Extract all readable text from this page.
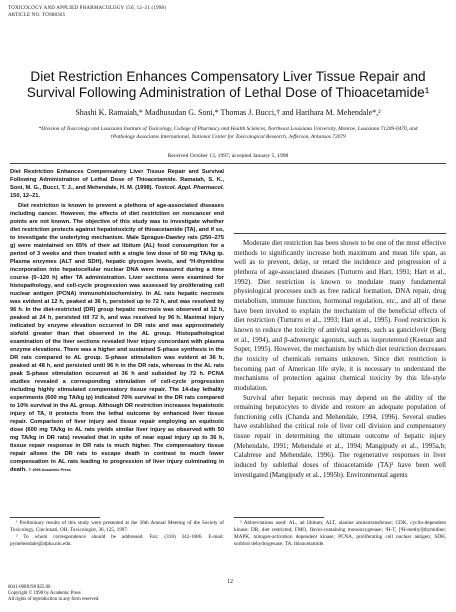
TOXICOLOGY AND APPLIED PHARMACOLOGY 150, 12–21 (1998)
ARTICLE NO. TO988365
Diet Restriction Enhances Compensatory Liver Tissue Repair and Survival Following Administration of Lethal Dose of Thioacetamide¹
Shashi K. Ramaiah,* Madhusudan G. Soni,* Thomas J. Bucci,† and Harihara M. Mehendale*,²
*Division of Toxicology and Louisiana Institute of Toxicology, College of Pharmacy and Health Sciences, Northeast Louisiana University, Monroe, Louisiana 71209-0470, and †Pathology Associates International, National Center for Toxicological Research, Jefferson, Arkansas 72079
Received October 13, 1997; accepted January 5, 1998

Diet Restriction Enhances Compensatory Liver Tissue Repair and Survival Following Administration of Lethal Dose of Thioacetamide. Ramaiah, S. K., Soni, M. G., Bucci, T. J., and Mehendale, H. M. (1998). Toxicol. Appl. Pharmacol. 150, 12–21.

Diet restriction is known to prevent a plethora of age-associated diseases including cancer. However, the effects of diet restriction on noncancer end points are not known. The objective of this study was to investigate whether diet restriction protects against hepatotoxicity of thioacetamide (TA), and if so, to investigate the underlying mechanism. Male Sprague-Dawley rats (250–275 g) were maintained on 65% of their ad libitum (AL) food consumption for a period of 3 weeks and then treated with a single low dose of 50 mg TA/kg ip. Plasma enzymes (ALT and SDH), hepatic glycogen levels, and ³H-thymidine incorporation into hepatocellular nuclear DNA were measured during a time course (0–120 h) after TA administration. Liver sections were examined for histopathology, and cell-cycle progression was assessed by proliferating cell nuclear antigen (PCNA) immunohistochemistry. In AL rats hepatic necrosis was evident at 12 h, peaked at 36 h, persisted up to 72 h, and was resolved by 96 h. In the diet-restricted (DR) group hepatic necrosis was observed at 12 h, peaked at 24 h, persisted till 72 h, and was resolved by 96 h. Maximal injury indicated by enzyme elevation occurred in DR rats and was approximately sixfold greater than that observed in the AL group. Histopathological examination of the liver sections revealed liver injury concordant with plasma enzyme elevations. There was a higher and sustained S-phase synthesis in the DR rats compared to AL group. S-phase stimulation was evident at 36 h, peaked at 48 h, and persisted until 96 h in the DR rats, whereas in the AL rats peak S-phase stimulation occurred at 36 h and subsided by 72 h. PCNA studies revealed a corresponding stimulation of cell-cycle progression including highly stimulated compensatory tissue repair. The 14-day lethality experiments (600 mg TA/kg ip) indicated 70% survival in the DR rats compared to 10% survival in the AL group. Although DR restriction increases hepatotoxic injury of TA, it protects from the lethal outcome by enhanced liver tissue repair. Comparison of liver injury and tissue repair employing an equitoxic dose (600 mg TA/kg in AL rats yields similar liver injury as observed with 50 mg TA/kg in DR rats) revealed that in spite of near equal injury up to 36 h, tissue repair response in DR rats is much higher. The compensatory tissue repair allows the DR rats to escape death in contrast to much lower compensation in AL rats leading to progression of liver injury culminating in death. © 1998 Academic Press

Moderate diet restriction has been shown to be one of the most effective methods to significantly increase both maximum and mean life span, as well as to prevent, delay, or retard the incidence and progression of a plethora of age-associated diseases (Turturro and Hart, 1991; Hart et al., 1992). Diet restriction is known to modulate many fundamental physiological processes such as free radical formation, DNA repair, drug metabolism, immune function, hormonal regulation, etc., and all of these have been invoked to explain the mechanism of the beneficial effects of diet restriction (Turturro et al., 1993; Hart et al., 1995). Food restriction is known to reduce the toxicity of antiviral agents, such as ganciclovir (Berg et al., 1994), and β-adrenergic agonists, such as isoproterenol (Keenan and Soper, 1995). However, the mechanism by which diet restriction decreases the toxicity of chemicals remains unknown. Since diet restriction is becoming part of American life style, it is necessary to understand the mechanisms of protection against chemical toxicity by this life-style modulation.

Survival after hepatic necrosis may depend on the ability of the remaining hepatocytes to divide and restore an adequate population of functioning cells (Chanda and Mehendale, 1994, 1996). Several studies have established the critical role of liver cell division and compensatory tissue repair in determining the ultimate outcome of hepatic injury (Mehendale, 1991; Mehendale et al., 1994; Mangipudy et al., 1995a,b; Calabrese and Mehendale, 1996). The regenerative responses in liver induced by sublethal doses of thioacetamide (TA)³ have been well investigated (Mangipudy et al., 1995b). Environmental agents

¹ Preliminary results of this study were presented at the 36th Annual Meeting of the Society of Toxicology, Cincinnati, OH. Toxicologist, 36, 125, 1997.

² To whom correspondence should be addressed. Fax: (318) 342-1686. E-mail: pymehendale@alpha.nlu.edu.

³ Abbreviations used: AL, ad libitum; ALT, alanine aminotransferase; CDK, cyclin-dependent kinase; DR, diet restricted; FMO, flavin-containing monooxygenase; ³H-T, [³H-methyl]thymidine; MAPK, mitogen-activation dependent kinase; PCNA, proliferating cell nuclear antigen; SDH, sorbitol dehydrogenase; TA, thioacetamide.

12
0041-008X/98 $25.00
Copyright © 1998 by Academic Press
All rights of reproduction in any form reserved.
